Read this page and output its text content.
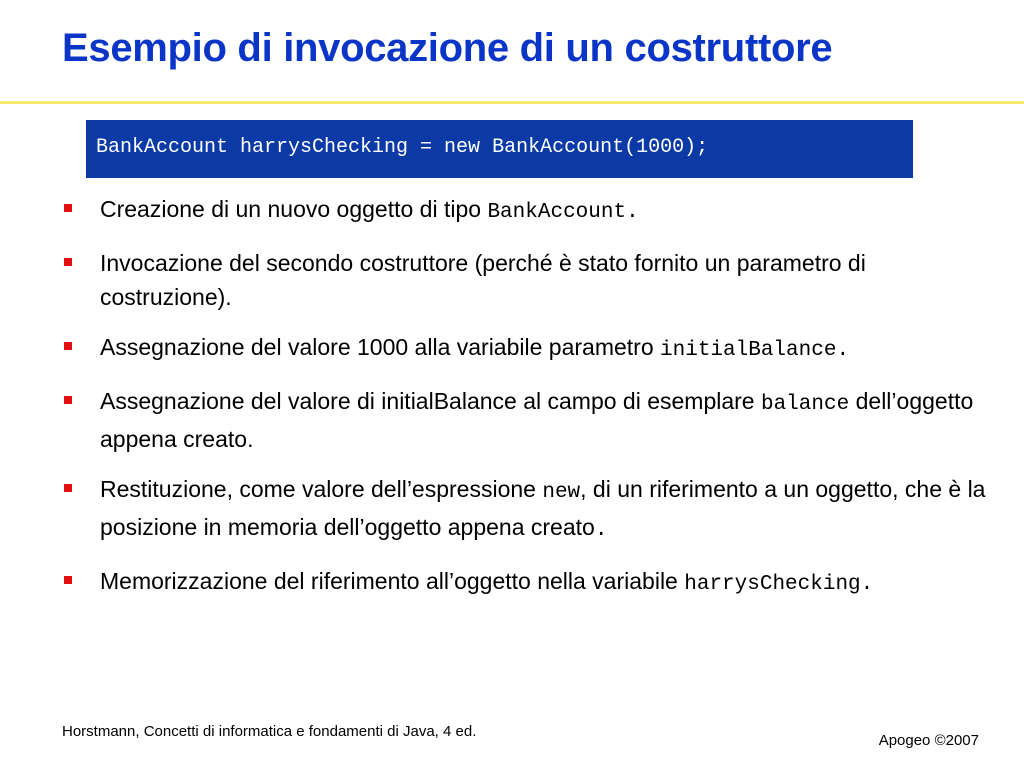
Esempio di invocazione di un costruttore
BankAccount harrysChecking = new BankAccount(1000);
Creazione di un nuovo oggetto di tipo BankAccount.
Invocazione del secondo costruttore (perché è stato fornito un parametro di costruzione).
Assegnazione del valore 1000 alla variabile parametro initialBalance.
Assegnazione del valore di initialBalance al campo di esemplare balance dell’oggetto appena creato.
Restituzione, come valore dell’espressione new, di un riferimento a un oggetto, che è la posizione in memoria dell’oggetto appena creato.
Memorizzazione del riferimento all’oggetto nella variabile harrysChecking.
Horstmann, Concetti di informatica e fondamenti di Java, 4 ed.
Apogeo ©2007
